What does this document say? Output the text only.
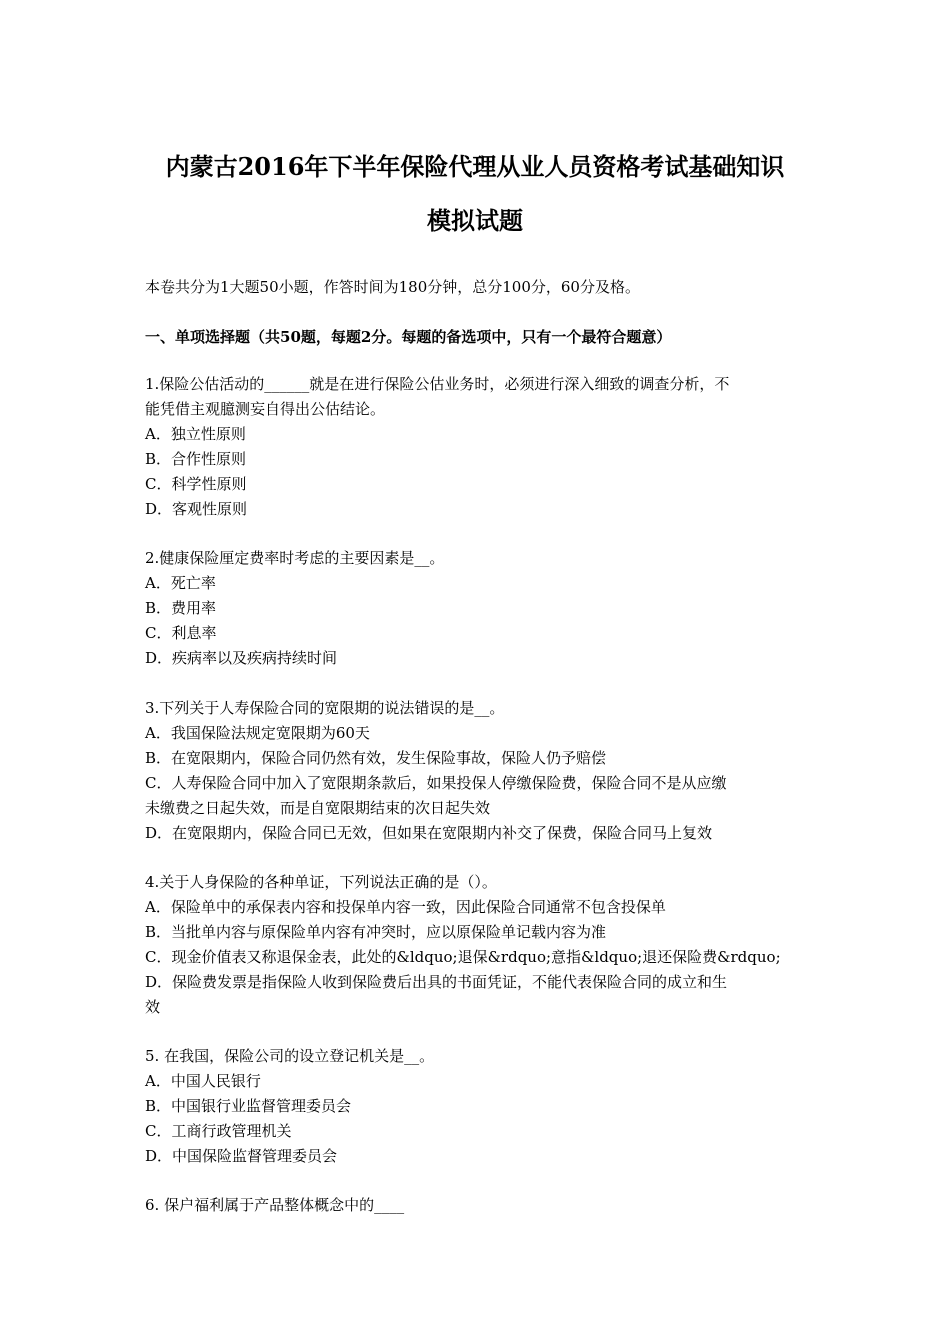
内蒙古2016年下半年保险代理从业人员资格考试基础知识
模拟试题
本卷共分为1大题50小题，作答时间为180分钟，总分100分，60分及格。
一、单项选择题（共50题，每题2分。每题的备选项中，只有一个最符合题意）
1.保险公估活动的______就是在进行保险公估业务时，必须进行深入细致的调查分析，不
能凭借主观臆测妄自得出公估结论。
A．独立性原则
B．合作性原则
C．科学性原则
D．客观性原则
2.健康保险厘定费率时考虑的主要因素是__。
A．死亡率
B．费用率
C．利息率
D．疾病率以及疾病持续时间
3.下列关于人寿保险合同的宽限期的说法错误的是__。
A．我国保险法规定宽限期为60天
B．在宽限期内，保险合同仍然有效，发生保险事故，保险人仍予赔偿
C．人寿保险合同中加入了宽限期条款后，如果投保人停缴保险费，保险合同不是从应缴
未缴费之日起失效，而是自宽限期结束的次日起失效
D．在宽限期内，保险合同已无效，但如果在宽限期内补交了保费，保险合同马上复效
4.关于人身保险的各种单证，下列说法正确的是（）。
A．保险单中的承保表内容和投保单内容一致，因此保险合同通常不包含投保单
B．当批单内容与原保险单内容有冲突时，应以原保险单记载内容为准
C．现金价值表又称退保金表，此处的&ldquo;退保&rdquo;意指&ldquo;退还保险费&rdquo;
D．保险费发票是指保险人收到保险费后出具的书面凭证，不能代表保险合同的成立和生
效
5. 在我国，保险公司的设立登记机关是__。
A．中国人民银行
B．中国银行业监督管理委员会
C．工商行政管理机关
D．中国保险监督管理委员会
6. 保户福利属于产品整体概念中的____
